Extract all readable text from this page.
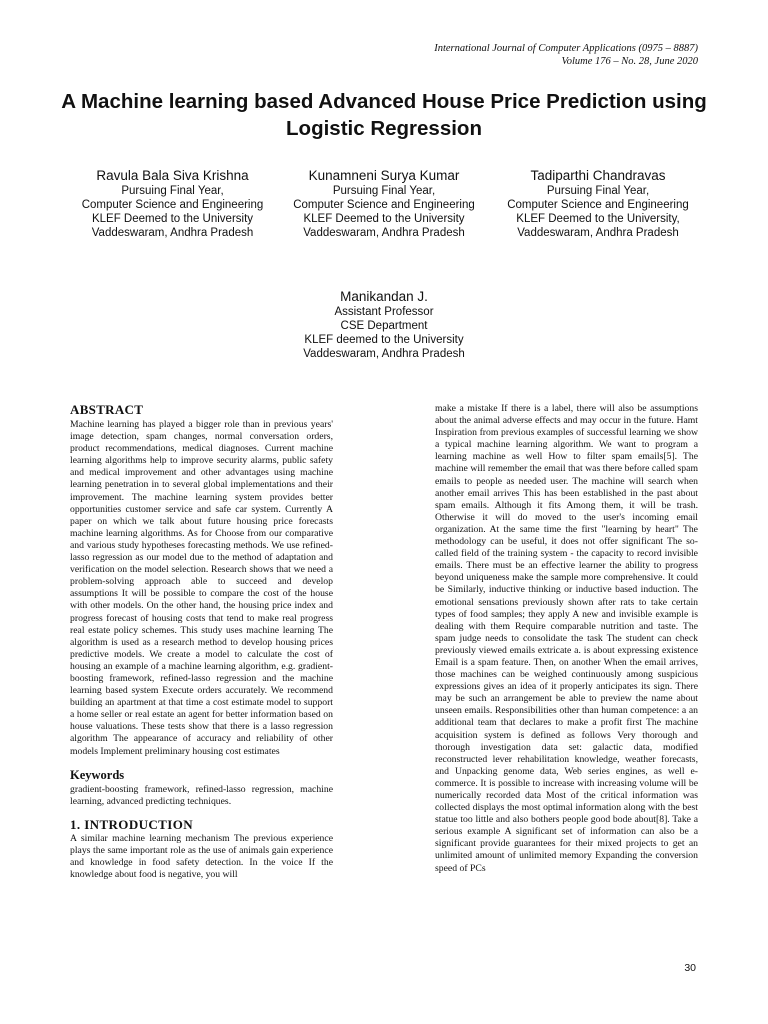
International Journal of Computer Applications (0975 – 8887)
Volume 176 – No. 28, June 2020
A Machine learning based Advanced House Price Prediction using Logistic Regression
Ravula Bala Siva Krishna
Pursuing Final Year,
Computer Science and Engineering
KLEF Deemed to the University
Vaddeswaram, Andhra Pradesh
Kunamneni Surya Kumar
Pursuing Final Year,
Computer Science and Engineering
KLEF Deemed to the University
Vaddeswaram, Andhra Pradesh
Tadiparthi Chandravas
Pursuing Final Year,
Computer Science and Engineering
KLEF Deemed to the University,
Vaddeswaram, Andhra Pradesh
Manikandan J.
Assistant Professor
CSE Department
KLEF deemed to the University
Vaddeswaram, Andhra Pradesh
ABSTRACT

Machine learning has played a bigger role than in previous years' image detection, spam changes, normal conversation orders, product recommendations, medical diagnoses. Current machine learning algorithms help to improve security alarms, public safety and medical improvement and other advantages using machine learning penetration in to several global implementations and their improvement. The machine learning system provides better opportunities customer service and safe car system. Currently A paper on which we talk about future housing price forecasts machine learning algorithms. As for Choose from our comparative and various study hypotheses forecasting methods. We use refined-lasso regression as our model due to the method of adaptation and verification on the model selection. Research shows that we need a problem-solving approach able to succeed and develop assumptions It will be possible to compare the cost of the house with other models. On the other hand, the housing price index and progress forecast of housing costs that tend to make real progress real estate policy schemes. This study uses machine learning The algorithm is used as a research method to develop housing prices predictive models. We create a model to calculate the cost of housing an example of a machine learning algorithm, e.g. gradient-boosting framework, refined-lasso regression and the machine learning based system Execute orders accurately. We recommend building an apartment at that time a cost estimate model to support a home seller or real estate an agent for better information based on house valuations. These tests show that there is a lasso regression algorithm The appearance of accuracy and reliability of other models Implement preliminary housing cost estimates

Keywords

gradient-boosting framework, refined-lasso regression, machine learning, advanced predicting techniques.

1. INTRODUCTION

A similar machine learning mechanism The previous experience plays the same important role as the use of animals gain experience and knowledge in food safety detection. In the voice If the knowledge about food is negative, you will

make a mistake If there is a label, there will also be assumptions about the animal adverse effects and may occur in the future. Hamt Inspiration from previous examples of successful learning we show a typical machine learning algorithm. We want to program a learning machine as well How to filter spam emails[5]. The machine will remember the email that was there before called spam emails to people as needed user. The machine will search when another email arrives This has been established in the past about spam emails. Although it fits Among them, it will be trash. Otherwise it will do moved to the user's incoming email organization. At the same time the first "learning by heart" The methodology can be useful, it does not offer significant The so-called field of the training system - the capacity to record invisible emails. There must be an effective learner the ability to progress beyond uniqueness make the sample more comprehensive. It could be Similarly, inductive thinking or inductive based induction. The emotional sensations previously shown after rats to take certain types of food samples; they apply A new and invisible example is dealing with them Require comparable nutrition and taste. The spam judge needs to consolidate the task The student can check previously viewed emails extricate a. is about expressing existence Email is a spam feature. Then, on another When the email arrives, those machines can be weighed continuously among suspicious expressions gives an idea of it properly anticipates its sign. There may be such an arrangement be able to preview the name about unseen emails. Responsibilities other than human competence: a an additional team that declares to make a profit first The machine acquisition system is defined as follows Very thorough and thorough investigation data set: galactic data, modified reconstructed lever rehabilitation knowledge, weather forecasts, and Unpacking genome data, Web series engines, as well e-commerce. It is possible to increase with increasing volume will be numerically recorded data Most of the critical information was collected displays the most optimal information along with the best statue too little and also bothers people good bode about[8]. Take a serious example A significant set of information can also be a significant provide guarantees for their mixed projects to get an unlimited amount of unlimited memory Expanding the conversion speed of PCs

30
